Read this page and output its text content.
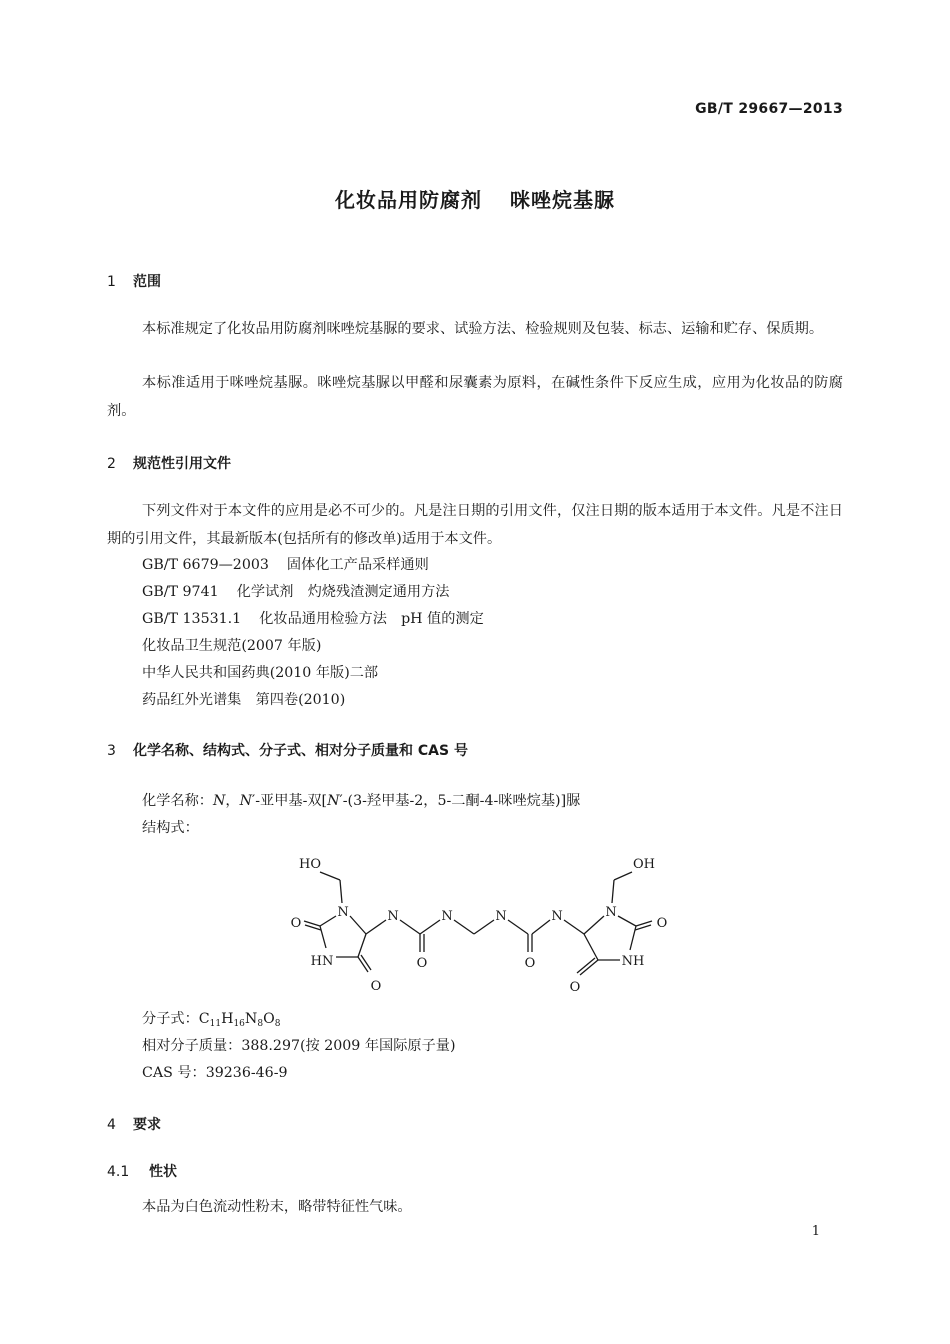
GB/T 29667—2013
化妆品用防腐剂 咪唑烷基脲
1 范围

本标准规定了化妆品用防腐剂咪唑烷基脲的要求、试验方法、检验规则及包装、标志、运输和贮存、保质期。

本标准适用于咪唑烷基脲。咪唑烷基脲以甲醛和尿囊素为原料，在碱性条件下反应生成，应用为化妆品的防腐剂。

2 规范性引用文件

下列文件对于本文件的应用是必不可少的。凡是注日期的引用文件，仅注日期的版本适用于本文件。凡是不注日期的引用文件，其最新版本(包括所有的修改单)适用于本文件。

GB/T 6679—2003 固体化工产品采样通则
GB/T 9741 化学试剂　灼烧残渣测定通用方法
GB/T 13531.1 化妆品通用检验方法　pH 值的测定
化妆品卫生规范(2007 年版)
中华人民共和国药典(2010 年版)二部
药品红外光谱集　第四卷(2010)
3 化学名称、结构式、分子式、相对分子质量和 CAS 号
化学名称：N，N′-亚甲基-双[N′-(3-羟甲基-2，5-二酮-4-咪唑烷基)]脲
结构式：
HO
N
O
HN
O
N
O
N	N
O
N	N
OH
O
NH
O
分子式：$C_{11}H_{16}N_8O_8$
相对分子质量：388.297(按 2009 年国际原子量)
CAS 号：39236-46-9
4 要求
4.1 性状

本品为白色流动性粉末，略带特征性气味。

1
